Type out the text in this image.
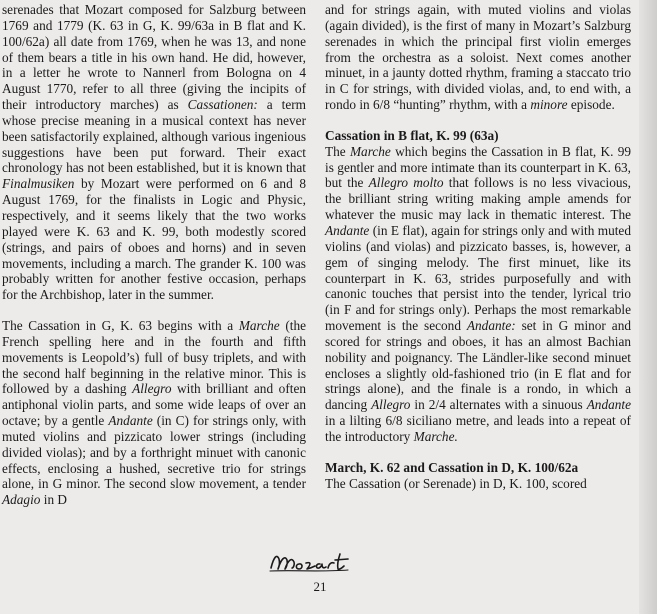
serenades that Mozart composed for Salzburg between 1769 and 1779 (K. 63 in G, K. 99/63a in B flat and K. 100/62a) all date from 1769, when he was 13, and none of them bears a title in his own hand. He did, however, in a letter he wrote to Nannerl from Bologna on 4 August 1770, refer to all three (giving the incipits of their introductory marches) as Cassationen: a term whose precise meaning in a musical context has never been satisfactorily explained, although various ingenious suggestions have been put forward. Their exact chronology has not been established, but it is known that Finalmusiken by Mozart were performed on 6 and 8 August 1769, for the finalists in Logic and Physic, respectively, and it seems likely that the two works played were K. 63 and K. 99, both modestly scored (strings, and pairs of oboes and horns) and in seven movements, including a march. The grander K. 100 was probably written for another festive occasion, perhaps for the Archbishop, later in the summer.

The Cassation in G, K. 63 begins with a Marche (the French spelling here and in the fourth and fifth movements is Leopold’s) full of busy triplets, and with the second half beginning in the relative minor. This is followed by a dashing Allegro with brilliant and often antiphonal violin parts, and some wide leaps of over an octave; by a gentle Andante (in C) for strings only, with muted violins and pizzicato lower strings (including divided violas); and by a forthright minuet with canonic effects, enclosing a hushed, secretive trio for strings alone, in G minor. The second slow movement, a tender Adagio in D

and for strings again, with muted violins and violas (again divided), is the first of many in Mozart’s Salzburg serenades in which the principal first violin emerges from the orchestra as a soloist. Next comes another minuet, in a jaunty dotted rhythm, framing a staccato trio in C for strings, with divided violas, and, to end with, a rondo in 6/8 “hunting” rhythm, with a minore episode.

Cassation in B flat, K. 99 (63a)

The Marche which begins the Cassation in B flat, K. 99 is gentler and more intimate than its counterpart in K. 63, but the Allegro molto that follows is no less vivacious, the brilliant string writing making ample amends for whatever the music may lack in thematic interest. The Andante (in E flat), again for strings only and with muted violins (and violas) and pizzicato basses, is, however, a gem of singing melody. The first minuet, like its counterpart in K. 63, strides purposefully and with canonic touches that persist into the tender, lyrical trio (in F and for strings only). Perhaps the most remarkable movement is the second Andante: set in G minor and scored for strings and oboes, it has an almost Bachian nobility and poignancy. The Ländler-like second minuet encloses a slightly old-fashioned trio (in E flat and for strings alone), and the finale is a rondo, in which a dancing Allegro in 2/4 alternates with a sinuous Andante in a lilting 6/8 siciliano metre, and leads into a repeat of the introductory Marche.

March, K. 62 and Cassation in D, K. 100/62a

The Cassation (or Serenade) in D, K. 100, scored

21
